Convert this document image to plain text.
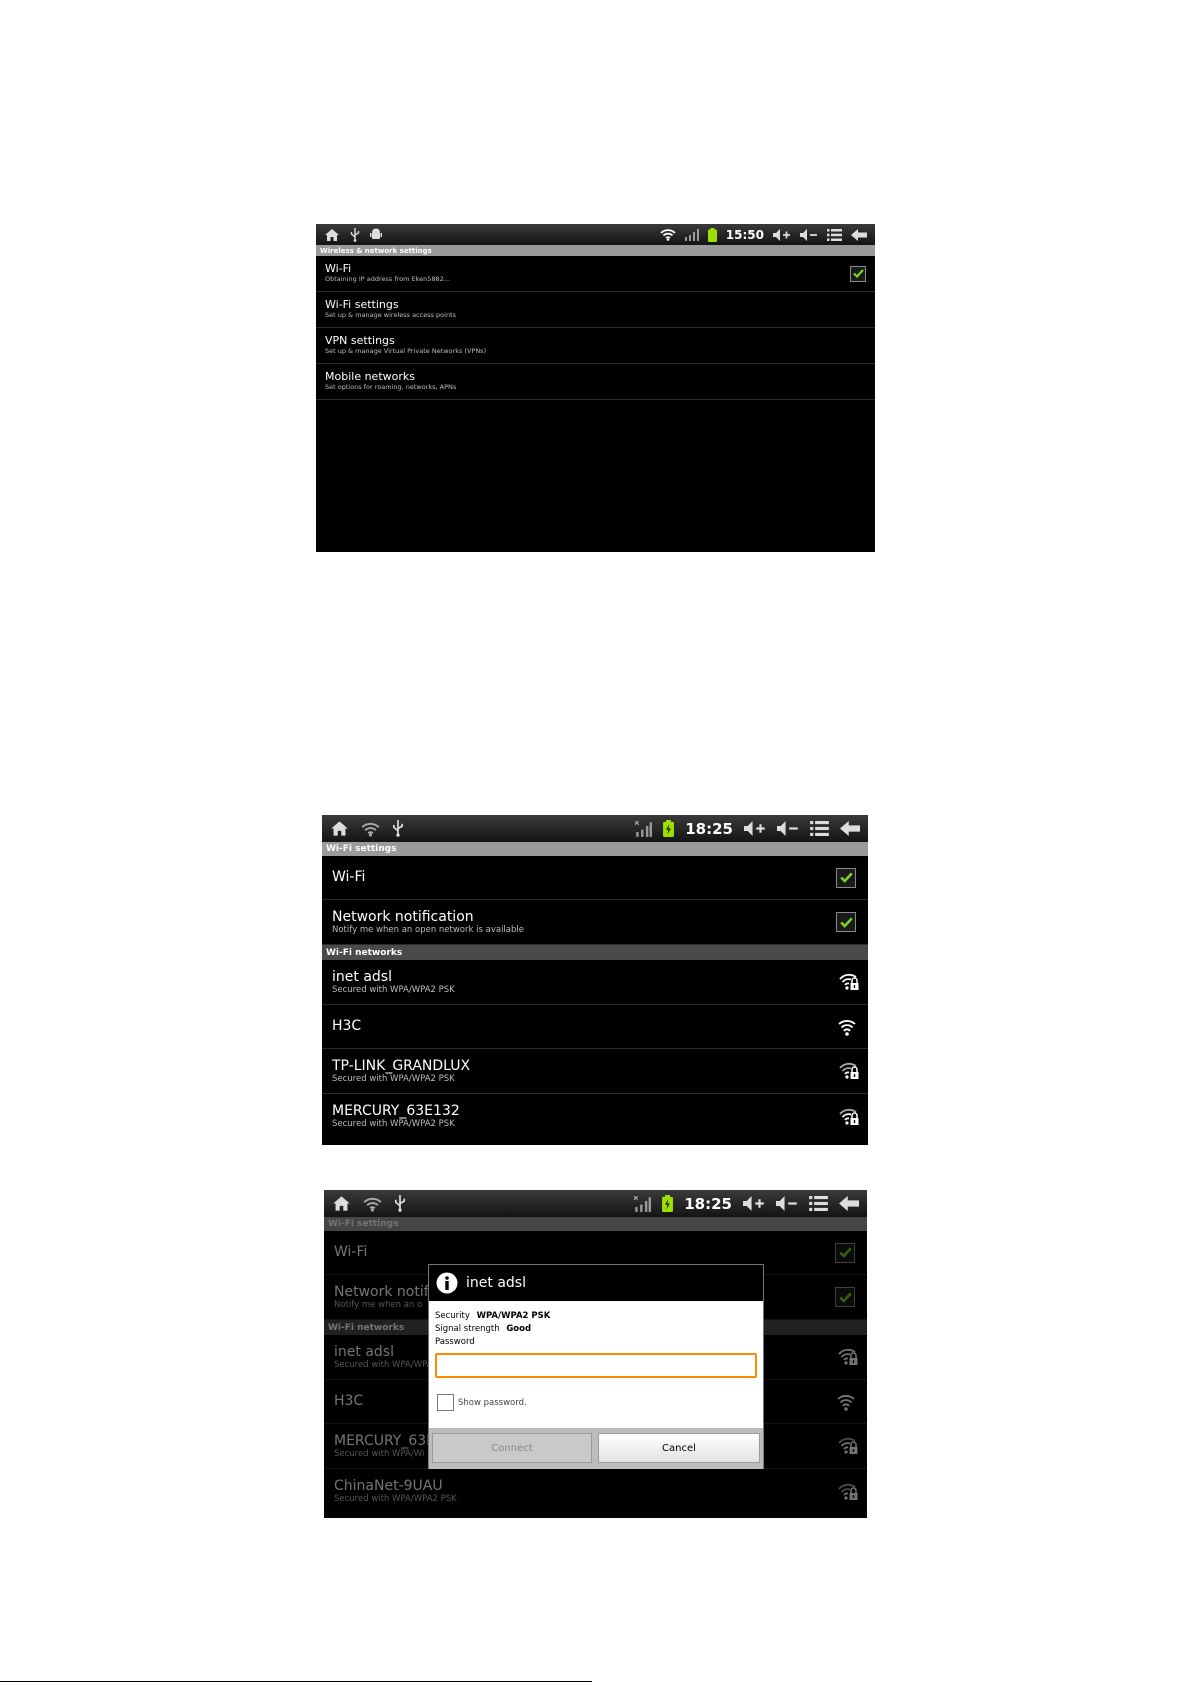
15:50
Wireless & network settings
Wi-Fi
Obtaining IP address from Eken5882...
Wi-Fi settings
Set up & manage wireless access points
VPN settings
Set up & manage Virtual Private Networks (VPNs)
Mobile networks
Set options for roaming, networks, APNs
18:25
Wi-Fi settings
Wi-Fi
Network notification
Notify me when an open network is available
Wi-Fi networks
inet adsl
Secured with WPA/WPA2 PSK
H3C
TP-LINK_GRANDLUX
Secured with WPA/WPA2 PSK
MERCURY_63E132
Secured with WPA/WPA2 PSK
18:25
inet adsl
Security WPA/WPA2 PSK
Signal strength Good
Password
Show password.
Connect	Cancel
